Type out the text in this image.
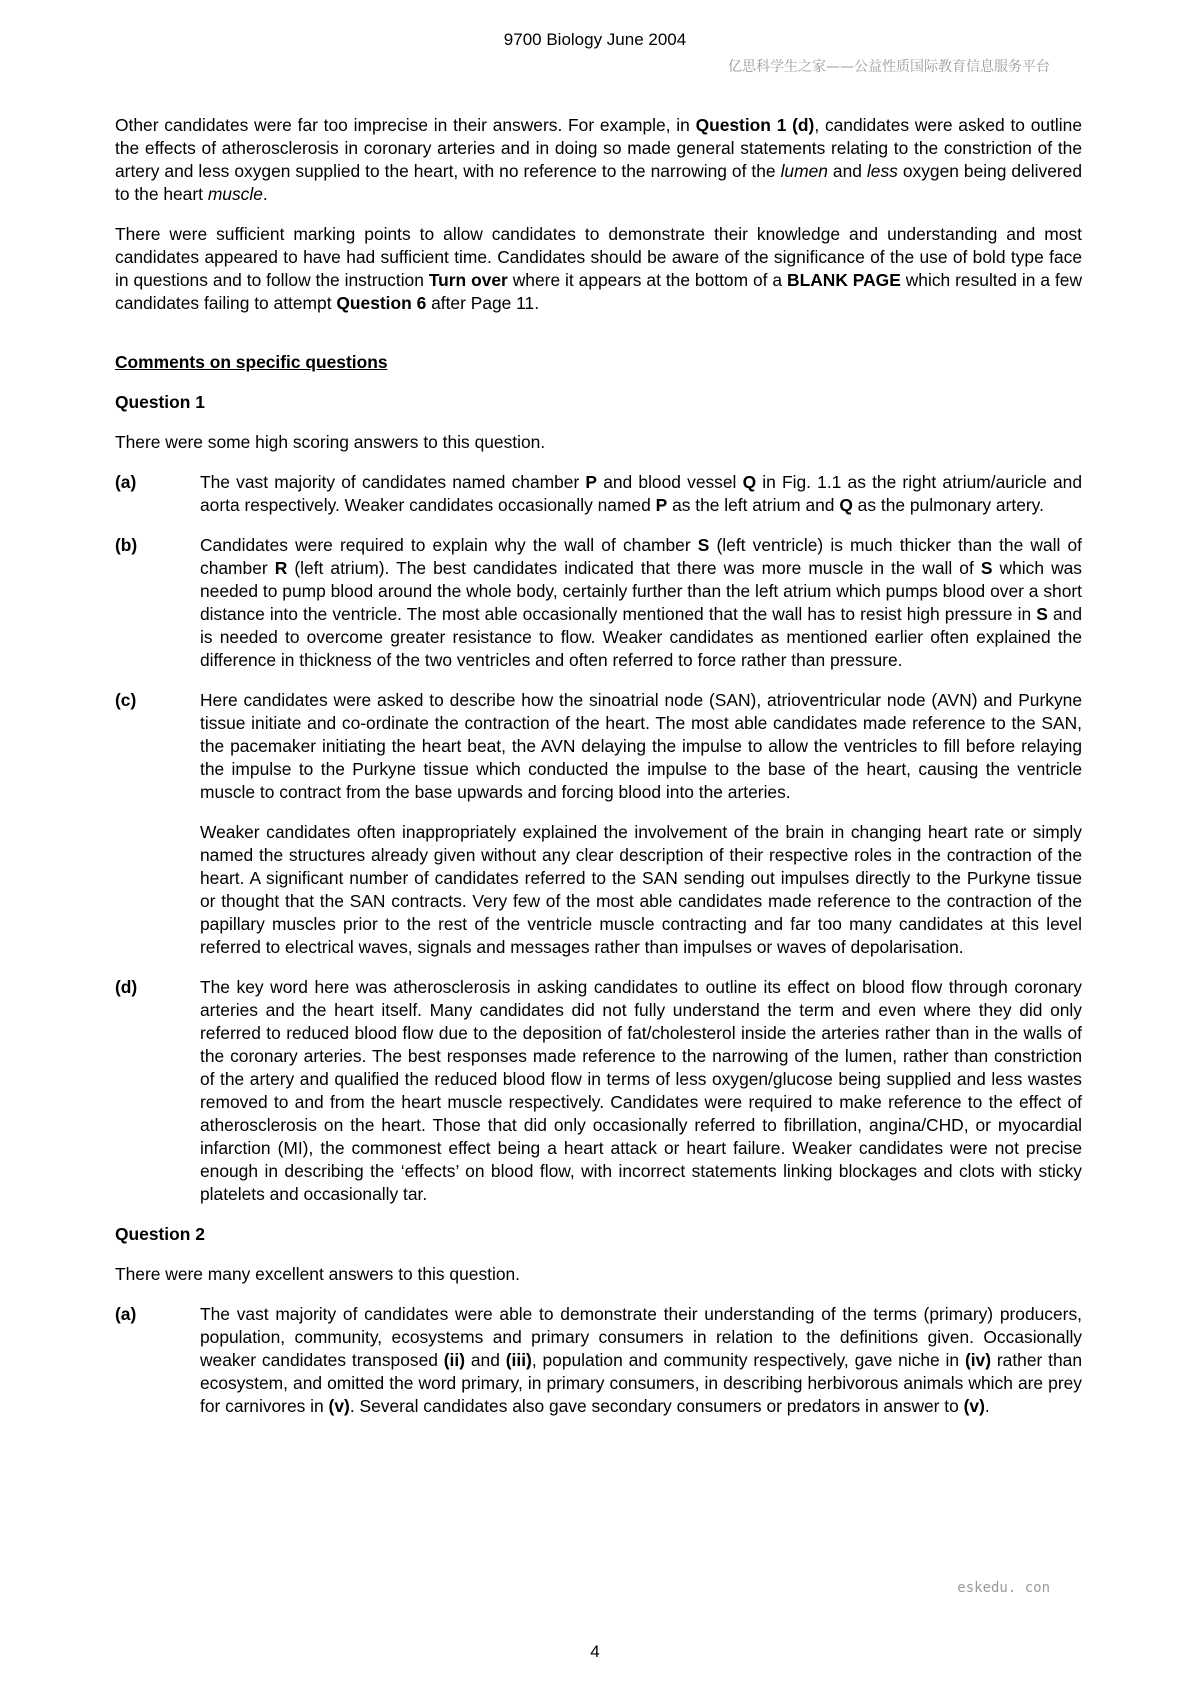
9700 Biology June 2004
亿思科学生之家——公益性质国际教育信息服务平台

Other candidates were far too imprecise in their answers. For example, in Question 1 (d), candidates were asked to outline the effects of atherosclerosis in coronary arteries and in doing so made general statements relating to the constriction of the artery and less oxygen supplied to the heart, with no reference to the narrowing of the lumen and less oxygen being delivered to the heart muscle.

There were sufficient marking points to allow candidates to demonstrate their knowledge and understanding and most candidates appeared to have had sufficient time. Candidates should be aware of the significance of the use of bold type face in questions and to follow the instruction Turn over where it appears at the bottom of a BLANK PAGE which resulted in a few candidates failing to attempt Question 6 after Page 11.

Comments on specific questions

Question 1

There were some high scoring answers to this question.

(a)	The vast majority of candidates named chamber P and blood vessel Q in Fig. 1.1 as the right atrium/auricle and aorta respectively. Weaker candidates occasionally named P as the left atrium and Q as the pulmonary artery.

(b)	Candidates were required to explain why the wall of chamber S (left ventricle) is much thicker than the wall of chamber R (left atrium). The best candidates indicated that there was more muscle in the wall of S which was needed to pump blood around the whole body, certainly further than the left atrium which pumps blood over a short distance into the ventricle. The most able occasionally mentioned that the wall has to resist high pressure in S and is needed to overcome greater resistance to flow. Weaker candidates as mentioned earlier often explained the difference in thickness of the two ventricles and often referred to force rather than pressure.

(c)	Here candidates were asked to describe how the sinoatrial node (SAN), atrioventricular node (AVN) and Purkyne tissue initiate and co-ordinate the contraction of the heart. The most able candidates made reference to the SAN, the pacemaker initiating the heart beat, the AVN delaying the impulse to allow the ventricles to fill before relaying the impulse to the Purkyne tissue which conducted the impulse to the base of the heart, causing the ventricle muscle to contract from the base upwards and forcing blood into the arteries.

Weaker candidates often inappropriately explained the involvement of the brain in changing heart rate or simply named the structures already given without any clear description of their respective roles in the contraction of the heart. A significant number of candidates referred to the SAN sending out impulses directly to the Purkyne tissue or thought that the SAN contracts. Very few of the most able candidates made reference to the contraction of the papillary muscles prior to the rest of the ventricle muscle contracting and far too many candidates at this level referred to electrical waves, signals and messages rather than impulses or waves of depolarisation.

(d)	The key word here was atherosclerosis in asking candidates to outline its effect on blood flow through coronary arteries and the heart itself. Many candidates did not fully understand the term and even where they did only referred to reduced blood flow due to the deposition of fat/cholesterol inside the arteries rather than in the walls of the coronary arteries. The best responses made reference to the narrowing of the lumen, rather than constriction of the artery and qualified the reduced blood flow in terms of less oxygen/glucose being supplied and less wastes removed to and from the heart muscle respectively. Candidates were required to make reference to the effect of atherosclerosis on the heart. Those that did only occasionally referred to fibrillation, angina/CHD, or myocardial infarction (MI), the commonest effect being a heart attack or heart failure. Weaker candidates were not precise enough in describing the ‘effects’ on blood flow, with incorrect statements linking blockages and clots with sticky platelets and occasionally tar.

Question 2

There were many excellent answers to this question.

(a)	The vast majority of candidates were able to demonstrate their understanding of the terms (primary) producers, population, community, ecosystems and primary consumers in relation to the definitions given. Occasionally weaker candidates transposed (ii) and (iii), population and community respectively, gave niche in (iv) rather than ecosystem, and omitted the word primary, in primary consumers, in describing herbivorous animals which are prey for carnivores in (v). Several candidates also gave secondary consumers or predators in answer to (v).

eskedu. con
4
